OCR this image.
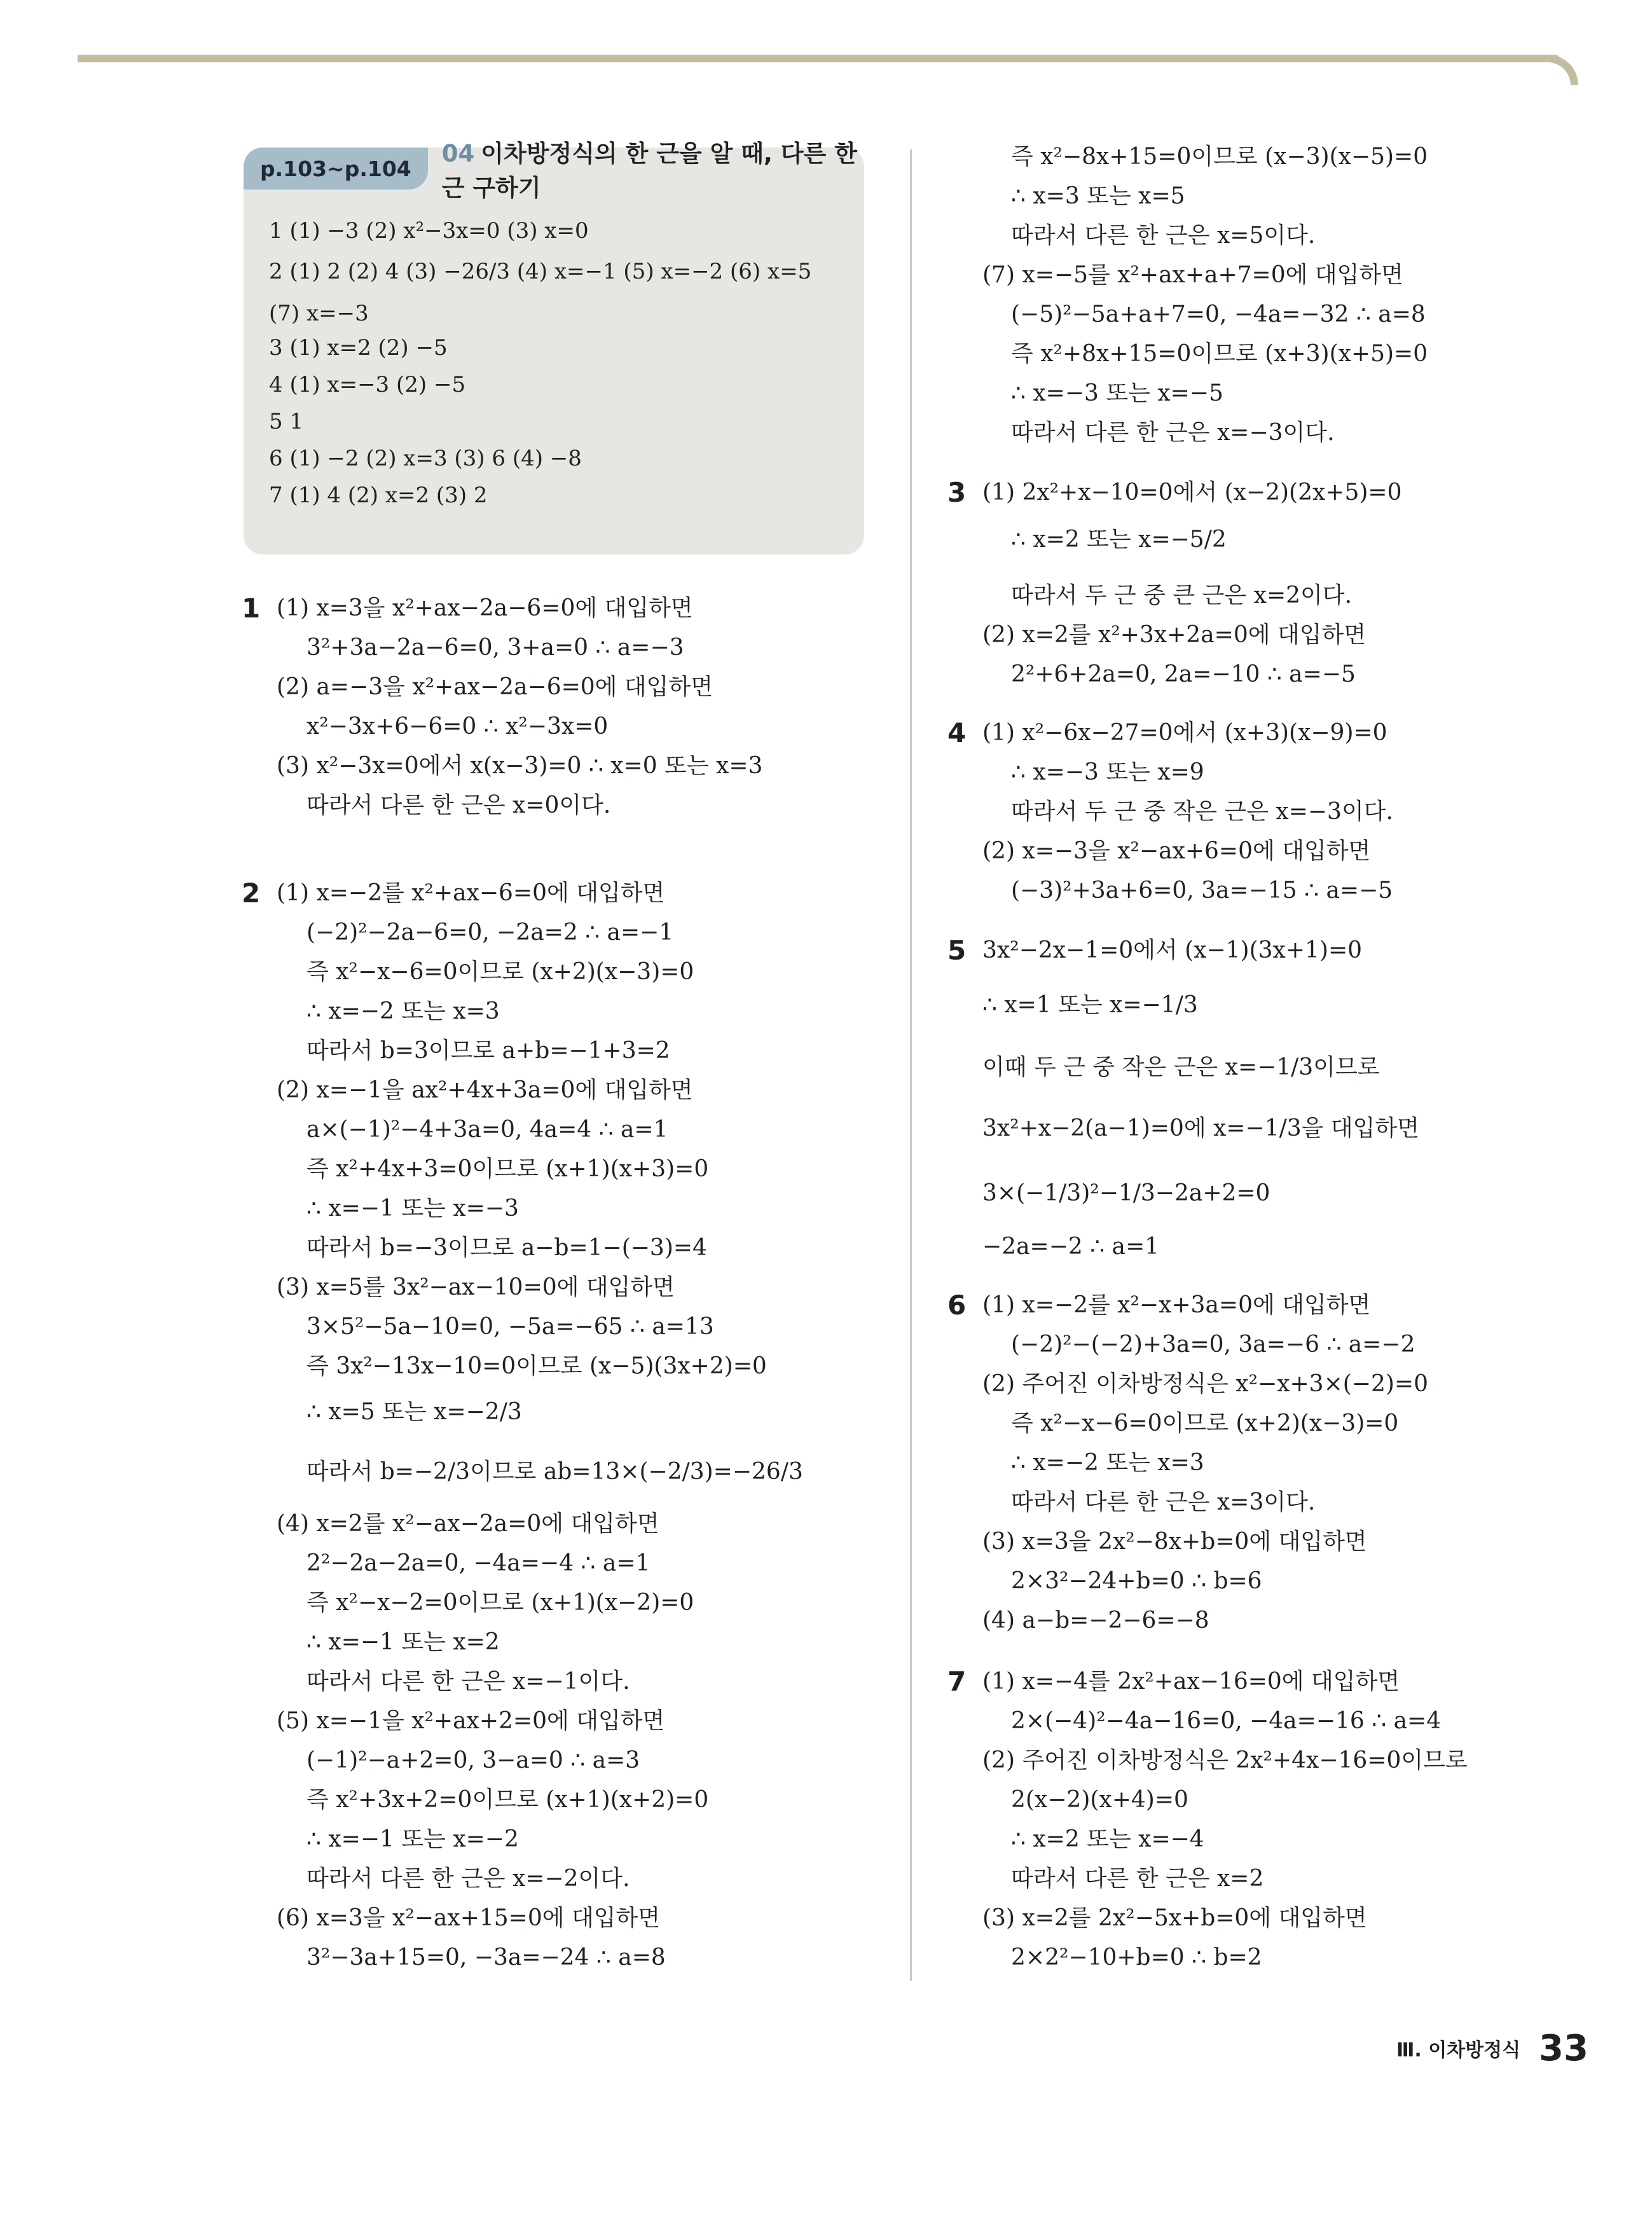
p.103~p.104
04 이차방정식의 한 근을 알 때, 다른 한 근 구하기
1 (1) −3 (2) x²−3x=0 (3) x=0
2 (1) 2 (2) 4 (3) −26/3 (4) x=−1 (5) x=−2 (6) x=5
(7) x=−3
3 (1) x=2 (2) −5
4 (1) x=−3 (2) −5
5 1
6 (1) −2 (2) x=3 (3) 6 (4) −8
7 (1) 4 (2) x=2 (3) 2
1 (1) x=3을 x²+ax−2a−6=0에 대입하면
3²+3a−2a−6=0, 3+a=0 ∴ a=−3
(2) a=−3을 x²+ax−2a−6=0에 대입하면
x²−3x+6−6=0 ∴ x²−3x=0
(3) x²−3x=0에서 x(x−3)=0 ∴ x=0 또는 x=3
따라서 다른 한 근은 x=0이다.
2 (1) x=−2를 x²+ax−6=0에 대입하면
(−2)²−2a−6=0, −2a=2 ∴ a=−1
즉 x²−x−6=0이므로 (x+2)(x−3)=0
∴ x=−2 또는 x=3
따라서 b=3이므로 a+b=−1+3=2
(2) x=−1을 ax²+4x+3a=0에 대입하면
a×(−1)²−4+3a=0, 4a=4 ∴ a=1
즉 x²+4x+3=0이므로 (x+1)(x+3)=0
∴ x=−1 또는 x=−3
따라서 b=−3이므로 a−b=1−(−3)=4
(3) x=5를 3x²−ax−10=0에 대입하면
3×5²−5a−10=0, −5a=−65 ∴ a=13
즉 3x²−13x−10=0이므로 (x−5)(3x+2)=0
∴ x=5 또는 x=−2/3
따라서 b=−2/3이므로 ab=13×(−2/3)=−26/3
(4) x=2를 x²−ax−2a=0에 대입하면
2²−2a−2a=0, −4a=−4 ∴ a=1
즉 x²−x−2=0이므로 (x+1)(x−2)=0
∴ x=−1 또는 x=2
따라서 다른 한 근은 x=−1이다.
(5) x=−1을 x²+ax+2=0에 대입하면
(−1)²−a+2=0, 3−a=0 ∴ a=3
즉 x²+3x+2=0이므로 (x+1)(x+2)=0
∴ x=−1 또는 x=−2
따라서 다른 한 근은 x=−2이다.
(6) x=3을 x²−ax+15=0에 대입하면
3²−3a+15=0, −3a=−24 ∴ a=8
즉 x²−8x+15=0이므로 (x−3)(x−5)=0
∴ x=3 또는 x=5
따라서 다른 한 근은 x=5이다.
(7) x=−5를 x²+ax+a+7=0에 대입하면
(−5)²−5a+a+7=0, −4a=−32 ∴ a=8
즉 x²+8x+15=0이므로 (x+3)(x+5)=0
∴ x=−3 또는 x=−5
따라서 다른 한 근은 x=−3이다.
3 (1) 2x²+x−10=0에서 (x−2)(2x+5)=0
∴ x=2 또는 x=−5/2
따라서 두 근 중 큰 근은 x=2이다.
(2) x=2를 x²+3x+2a=0에 대입하면
2²+6+2a=0, 2a=−10 ∴ a=−5
4 (1) x²−6x−27=0에서 (x+3)(x−9)=0
∴ x=−3 또는 x=9
따라서 두 근 중 작은 근은 x=−3이다.
(2) x=−3을 x²−ax+6=0에 대입하면
(−3)²+3a+6=0, 3a=−15 ∴ a=−5
5 3x²−2x−1=0에서 (x−1)(3x+1)=0
∴ x=1 또는 x=−1/3
이때 두 근 중 작은 근은 x=−1/3이므로
3x²+x−2(a−1)=0에 x=−1/3을 대입하면
3×(−1/3)²−1/3−2a+2=0
−2a=−2 ∴ a=1
6 (1) x=−2를 x²−x+3a=0에 대입하면
(−2)²−(−2)+3a=0, 3a=−6 ∴ a=−2
(2) 주어진 이차방정식은 x²−x+3×(−2)=0
즉 x²−x−6=0이므로 (x+2)(x−3)=0
∴ x=−2 또는 x=3
따라서 다른 한 근은 x=3이다.
(3) x=3을 2x²−8x+b=0에 대입하면
2×3²−24+b=0 ∴ b=6
(4) a−b=−2−6=−8
7 (1) x=−4를 2x²+ax−16=0에 대입하면
2×(−4)²−4a−16=0, −4a=−16 ∴ a=4
(2) 주어진 이차방정식은 2x²+4x−16=0이므로
2(x−2)(x+4)=0
∴ x=2 또는 x=−4
따라서 다른 한 근은 x=2
(3) x=2를 2x²−5x+b=0에 대입하면
2×2²−10+b=0 ∴ b=2
Ⅲ. 이차방정식 33
